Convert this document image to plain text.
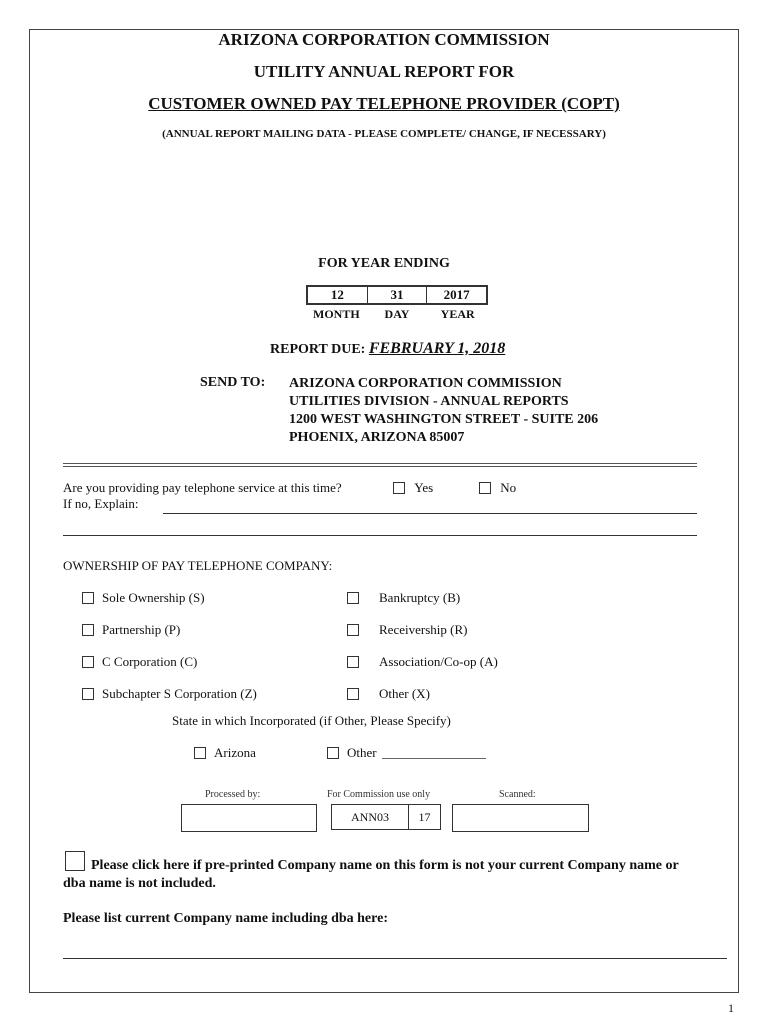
ARIZONA CORPORATION COMMISSION
UTILITY ANNUAL REPORT FOR
CUSTOMER OWNED PAY TELEPHONE PROVIDER (COPT)
(ANNUAL REPORT MAILING DATA - PLEASE COMPLETE/ CHANGE, IF NECESSARY)
FOR YEAR ENDING
12	31	2017
MONTH	DAY	YEAR
REPORT DUE: FEBRUARY 1, 2018
SEND TO: ARIZONA CORPORATION COMMISSION
UTILITIES DIVISION - ANNUAL REPORTS
1200 WEST WASHINGTON STREET - SUITE 206
PHOENIX, ARIZONA 85007
Are you providing pay telephone service at this time?	Yes	No
If no, Explain:
OWNERSHIP OF PAY TELEPHONE COMPANY:
Sole Ownership (S)
Partnership (P)
C Corporation (C)
Subchapter S Corporation (Z)
Bankruptcy (B)
Receivership (R)
Association/Co-op (A)
Other (X)
State in which Incorporated (if Other, Please Specify)
Arizona	Other
Processed by:	For Commission use only	Scanned:
ANN03	17
Please click here if pre-printed Company name on this form is not your current Company name or
dba name is not included.
Please list current Company name including dba here:
1
